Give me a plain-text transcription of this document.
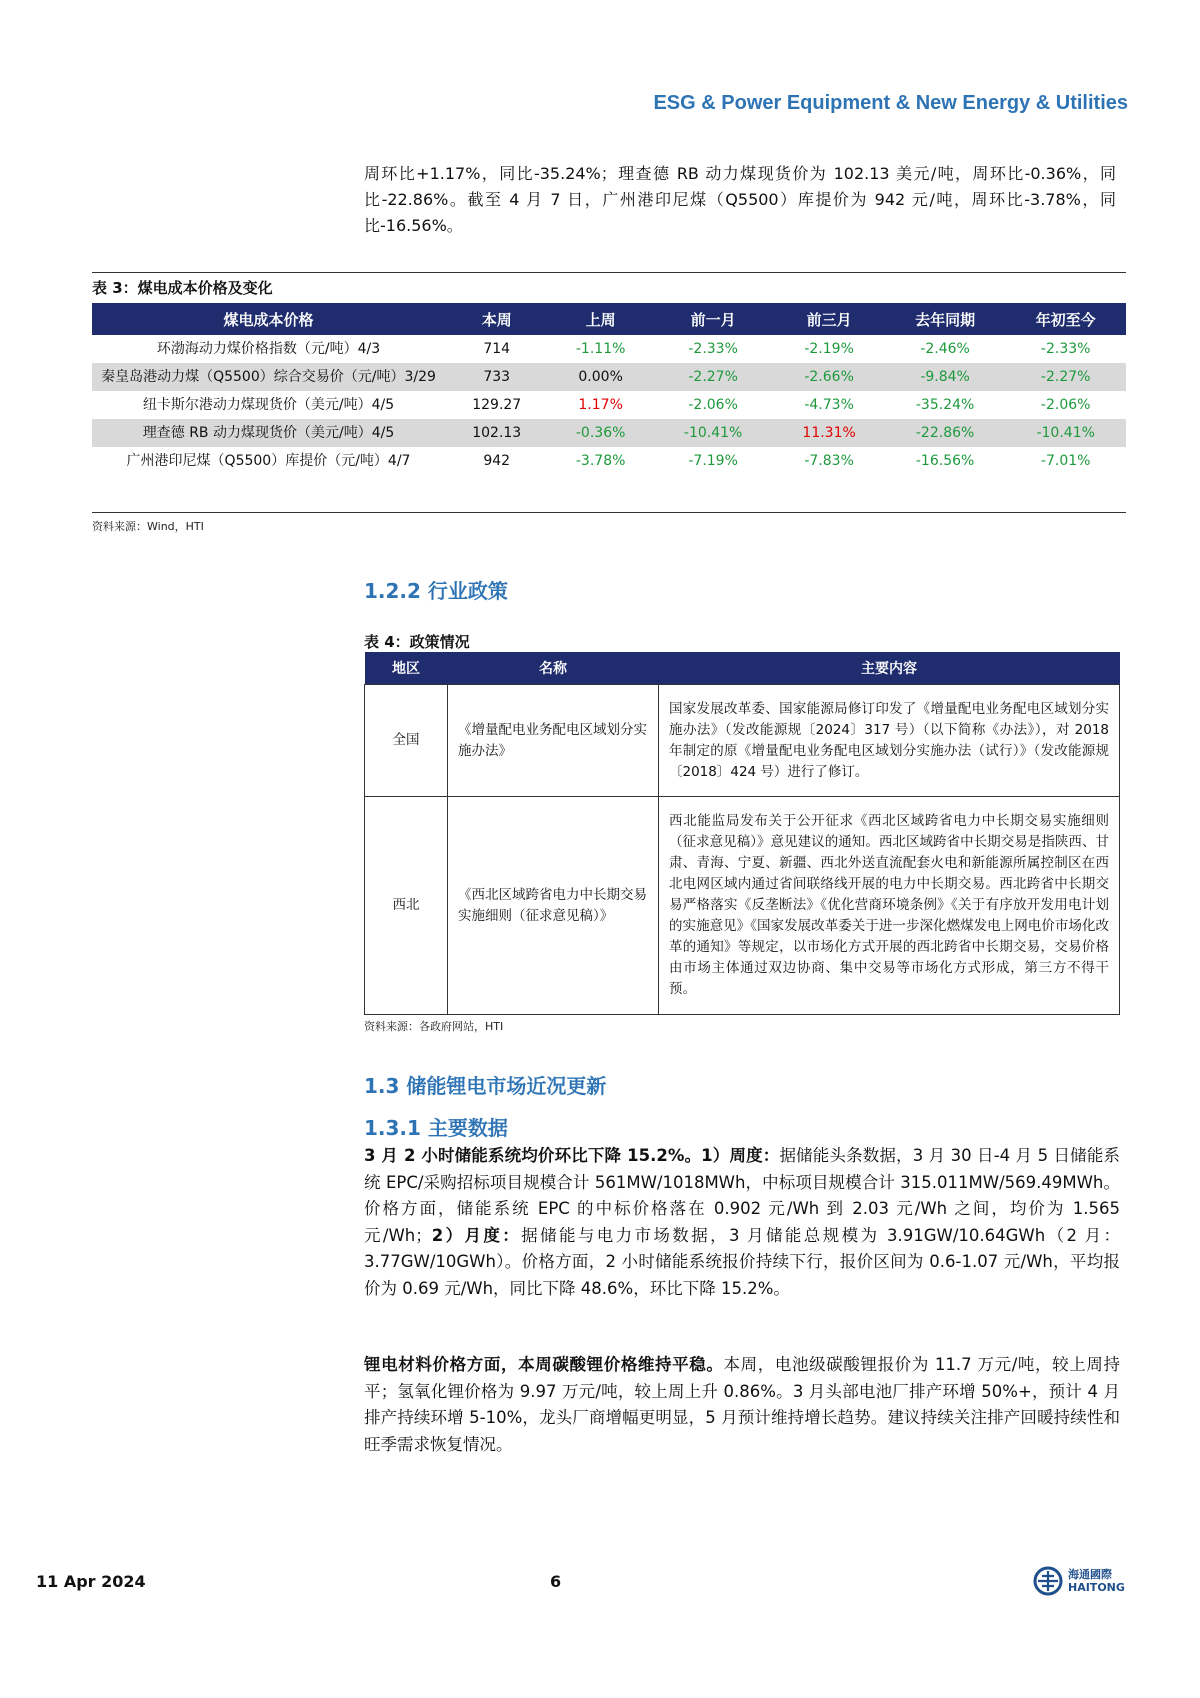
ESG & Power Equipment & New Energy & Utilities
周环比+1.17%，同比-35.24%；理查德 RB 动力煤现货价为 102.13 美元/吨，周环比-0.36%，同比-22.86%。截至 4 月 7 日，广州港印尼煤（Q5500）库提价为 942 元/吨，周环比-3.78%，同比-16.56%。
表 3：煤电成本价格及变化
煤电成本价格	本周	上周	前一月	前三月	去年同期	年初至今
环渤海动力煤价格指数（元/吨）4/3	714	-1.11%	-2.33%	-2.19%	-2.46%	-2.33%
秦皇岛港动力煤（Q5500）综合交易价（元/吨）3/29	733	0.00%	-2.27%	-2.66%	-9.84%	-2.27%
纽卡斯尔港动力煤现货价（美元/吨）4/5	129.27	1.17%	-2.06%	-4.73%	-35.24%	-2.06%
理查德 RB 动力煤现货价（美元/吨）4/5	102.13	-0.36%	-10.41%	11.31%	-22.86%	-10.41%
广州港印尼煤（Q5500）库提价（元/吨）4/7	942	-3.78%	-7.19%	-7.83%	-16.56%	-7.01%
资料来源：Wind，HTI
1.2.2 行业政策
表 4：政策情况
地区	名称	主要内容
全国	《增量配电业务配电区域划分实施办法》	国家发展改革委、国家能源局修订印发了《增量配电业务配电区域划分实施办法》（发改能源规〔2024〕317 号）（以下简称《办法》），对 2018 年制定的原《增量配电业务配电区域划分实施办法（试行）》（发改能源规〔2018〕424 号）进行了修订。
西北	《西北区域跨省电力中长期交易实施细则（征求意见稿）》	西北能监局发布关于公开征求《西北区域跨省电力中长期交易实施细则（征求意见稿）》意见建议的通知。西北区域跨省中长期交易是指陕西、甘肃、青海、宁夏、新疆、西北外送直流配套火电和新能源所属控制区在西北电网区域内通过省间联络线开展的电力中长期交易。西北跨省中长期交易严格落实《反垄断法》《优化营商环境条例》《关于有序放开发用电计划的实施意见》《国家发展改革委关于进一步深化燃煤发电上网电价市场化改革的通知》等规定，以市场化方式开展的西北跨省中长期交易，交易价格由市场主体通过双边协商、集中交易等市场化方式形成，第三方不得干预。
资料来源：各政府网站，HTI
1.3 储能锂电市场近况更新
1.3.1 主要数据
3 月 2 小时储能系统均价环比下降 15.2%。1）周度：据储能头条数据，3 月 30 日-4 月 5 日储能系统 EPC/采购招标项目规模合计 561MW/1018MWh，中标项目规模合计 315.011MW/569.49MWh。价格方面，储能系统 EPC 的中标价格落在 0.902 元/Wh 到 2.03 元/Wh 之间，均价为 1.565 元/Wh；2）月度：据储能与电力市场数据，3 月储能总规模为 3.91GW/10.64GWh（2 月：3.77GW/10GWh）。价格方面，2 小时储能系统报价持续下行，报价区间为 0.6-1.07 元/Wh，平均报价为 0.69 元/Wh，同比下降 48.6%，环比下降 15.2%。
锂电材料价格方面，本周碳酸锂价格维持平稳。本周，电池级碳酸锂报价为 11.7 万元/吨，较上周持平；氢氧化锂价格为 9.97 万元/吨，较上周上升 0.86%。3 月头部电池厂排产环增 50%+，预计 4 月排产持续环增 5-10%，龙头厂商增幅更明显，5 月预计维持增长趋势。建议持续关注排产回暖持续性和旺季需求恢复情况。
11 Apr 2024	6	海通國際
HAITONG
